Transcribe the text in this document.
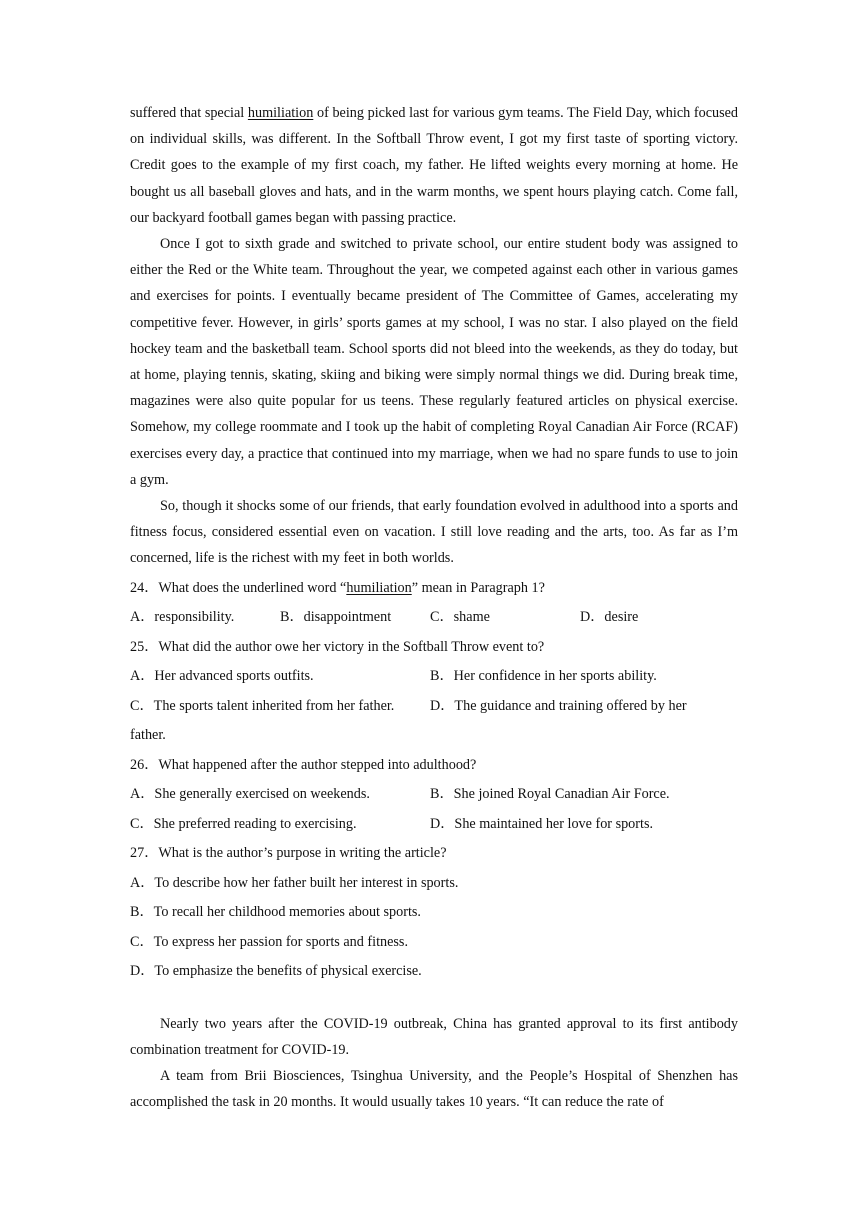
suffered that special humiliation of being picked last for various gym teams. The Field Day, which focused on individual skills, was different. In the Softball Throw event, I got my first taste of sporting victory. Credit goes to the example of my first coach, my father. He lifted weights every morning at home. He bought us all baseball gloves and hats, and in the warm months, we spent hours playing catch. Come fall, our backyard football games began with passing practice.

Once I got to sixth grade and switched to private school, our entire student body was assigned to either the Red or the White team. Throughout the year, we competed against each other in various games and exercises for points. I eventually became president of The Committee of Games, accelerating my competitive fever. However, in girls’ sports games at my school, I was no star. I also played on the field hockey team and the basketball team. School sports did not bleed into the weekends, as they do today, but at home, playing tennis, skating, skiing and biking were simply normal things we did. During break time, magazines were also quite popular for us teens. These regularly featured articles on physical exercise. Somehow, my college roommate and I took up the habit of completing Royal Canadian Air Force (RCAF) exercises every day, a practice that continued into my marriage, when we had no spare funds to use to join a gym.

So, though it shocks some of our friends, that early foundation evolved in adulthood into a sports and fitness focus, considered essential even on vacation. I still love reading and the arts, too. As far as I’m concerned, life is the richest with my feet in both worlds.

24．What does the underlined word “humiliation” mean in Paragraph 1?

A．responsibility.	B．disappointment	C．shame	D．desire

25．What did the author owe her victory in the Softball Throw event to?

A．Her advanced sports outfits.	B．Her confidence in her sports ability.
C．The sports talent inherited from her father.	D．The guidance and training offered by her

father.

26．What happened after the author stepped into adulthood?

A．She generally exercised on weekends.	B．She joined Royal Canadian Air Force.
C．She preferred reading to exercising.	D．She maintained her love for sports.

27．What is the author’s purpose in writing the article?

A．To describe how her father built her interest in sports.

B．To recall her childhood memories about sports.

C．To express her passion for sports and fitness.

D．To emphasize the benefits of physical exercise.

Nearly two years after the COVID-19 outbreak, China has granted approval to its first antibody combination treatment for COVID-19.

A team from Brii Biosciences, Tsinghua University, and the People’s Hospital of Shenzhen has accomplished the task in 20 months. It would usually takes 10 years. “It can reduce the rate of
